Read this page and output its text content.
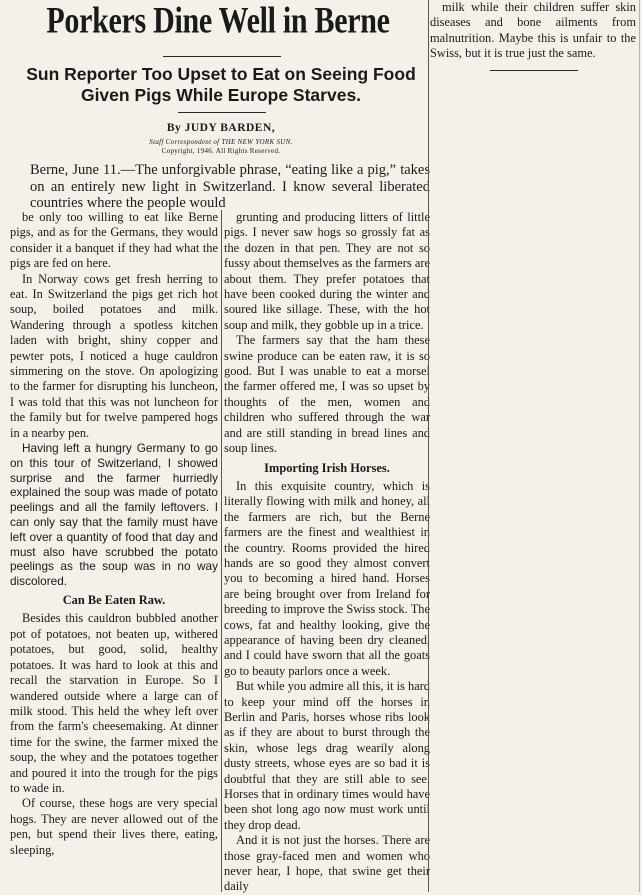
Porkers Dine Well in Berne
Sun Reporter Too Upset to Eat on Seeing Food Given Pigs While Europe Starves.
By JUDY BARDEN,
Staff Correspondent of THE NEW YORK SUN.
Copyright, 1946. All Rights Reserved.

Berne, June 11.—The unforgivable phrase, “eating like a pig,” takes on an entirely new light in Switzerland. I know several liberated countries where the people would

be only too willing to eat like Berne pigs, and as for the Germans, they would consider it a banquet if they had what the pigs are fed on here.

In Norway cows get fresh herring to eat. In Switzerland the pigs get rich hot soup, boiled potatoes and milk. Wandering through a spotless kitchen laden with bright, shiny copper and pewter pots, I noticed a huge cauldron simmering on the stove. On apologizing to the farmer for disrupting his luncheon, I was told that this was not luncheon for the family but for twelve pampered hogs in a nearby pen.

Having left a hungry Germany to go on this tour of Switzerland, I showed surprise and the farmer hurriedly explained the soup was made of potato peelings and all the family leftovers. I can only say that the family must have left over a quantity of food that day and must also have scrubbed the potato peelings as the soup was in no way discolored.

Can Be Eaten Raw.

Besides this cauldron bubbled another pot of potatoes, not beaten up, withered potatoes, but good, solid, healthy potatoes. It was hard to look at this and recall the starvation in Europe. So I wandered outside where a large can of milk stood. This held the whey left over from the farm's cheesemaking. At dinner time for the swine, the farmer mixed the soup, the whey and the potatoes together and poured it into the trough for the pigs to wade in.

Of course, these hogs are very special hogs. They are never allowed out of the pen, but spend their lives there, eating, sleeping,

grunting and producing litters of little pigs. I never saw hogs so grossly fat as the dozen in that pen. They are not so fussy about themselves as the farmers are about them. They prefer potatoes that have been cooked during the winter and soured like sillage. These, with the hot soup and milk, they gobble up in a trice.

The farmers say that the ham these swine produce can be eaten raw, it is so good. But I was unable to eat a morsel the farmer offered me, I was so upset by thoughts of the men, women and children who suffered through the war and are still standing in bread lines and soup lines.

Importing Irish Horses.

In this exquisite country, which is literally flowing with milk and honey, all the farmers are rich, but the Berne farmers are the finest and wealthiest in the country. Rooms provided the hired hands are so good they almost convert you to becoming a hired hand. Horses are being brought over from Ireland for breeding to improve the Swiss stock. The cows, fat and healthy looking, give the appearance of having been dry cleaned, and I could have sworn that all the goats go to beauty parlors once a week.

But while you admire all this, it is hard to keep your mind off the horses in Berlin and Paris, horses whose ribs look as if they are about to burst through the skin, whose legs drag wearily along dusty streets, whose eyes are so bad it is doubtful that they are still able to see. Horses that in ordinary times would have been shot long ago now must work until they drop dead.

And it is not just the horses. There are those gray-faced men and women who never hear, I hope, that swine get their daily

milk while their children suffer skin diseases and bone ailments from malnutrition. Maybe this is unfair to the Swiss, but it is true just the same.
